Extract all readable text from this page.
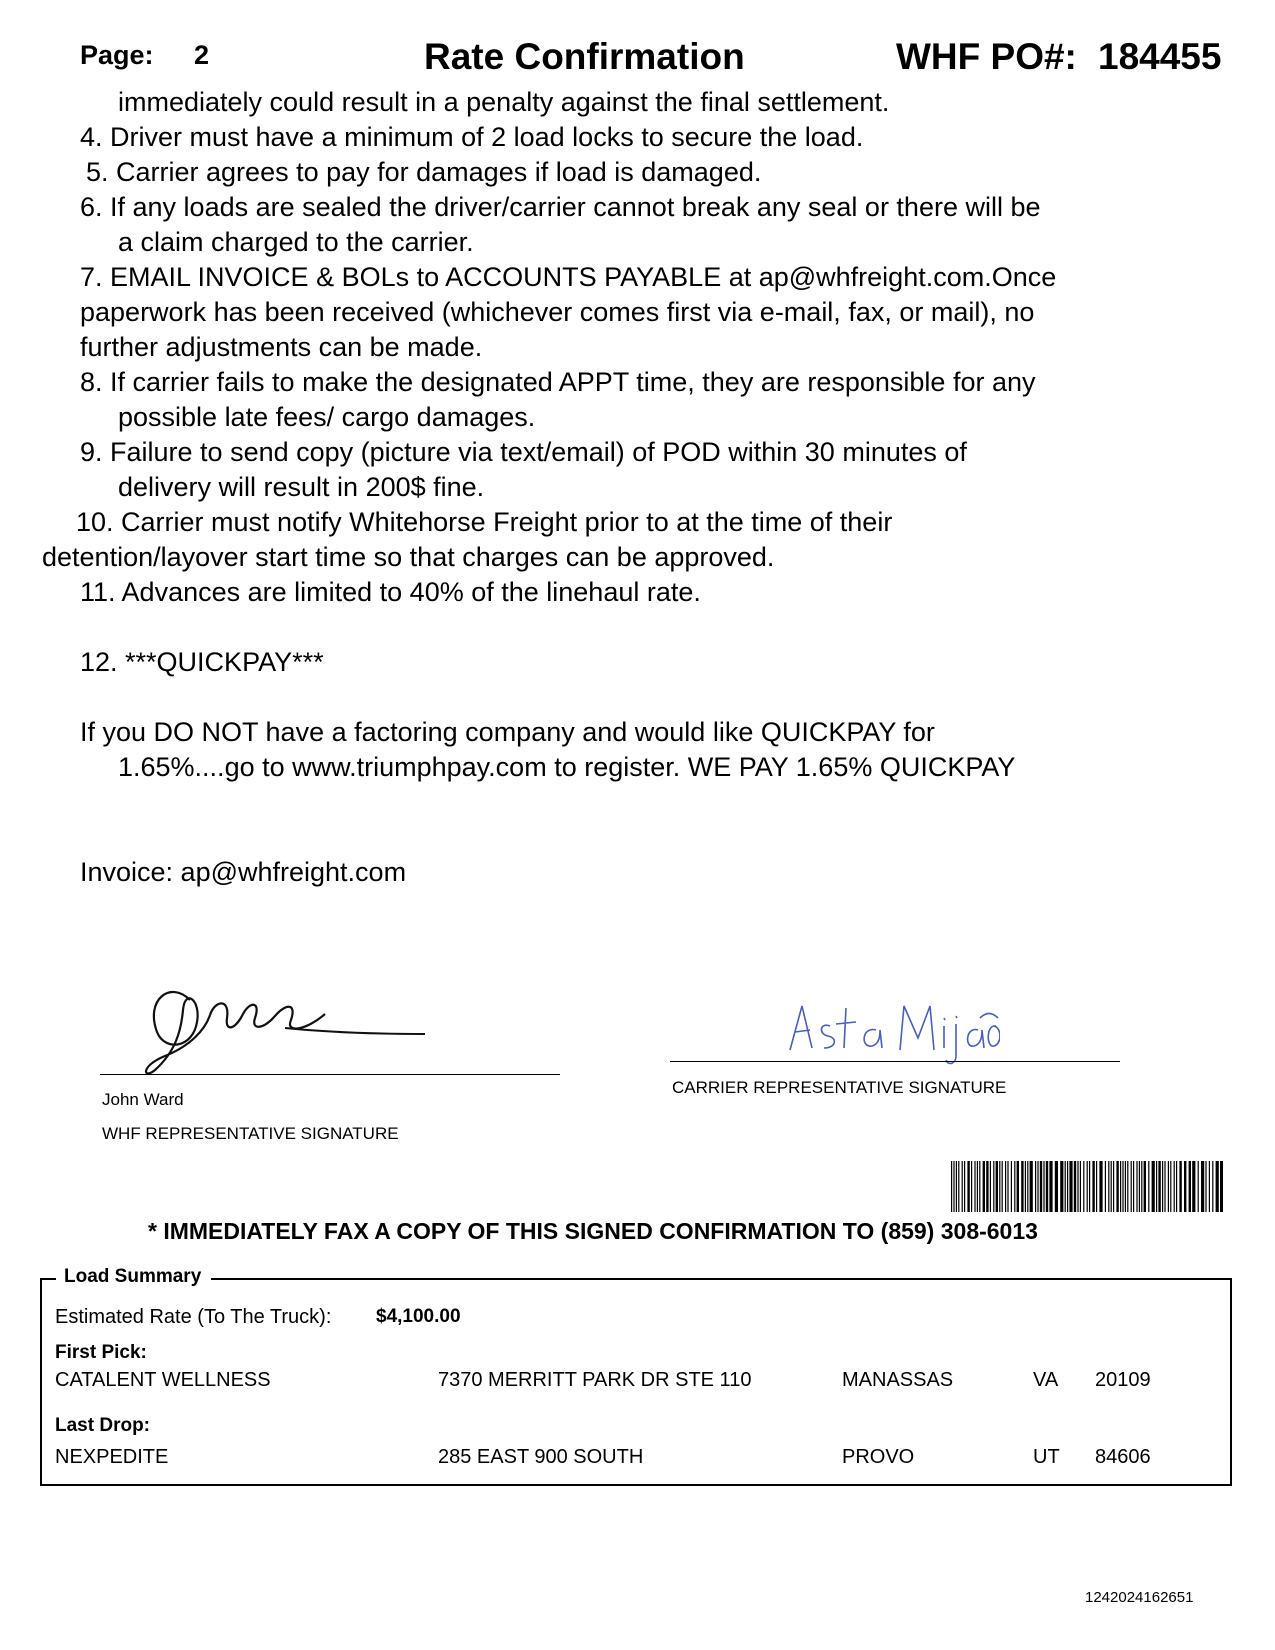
Page: 2	Rate Confirmation	WHF PO#: 184455
immediately could result in a penalty against the final settlement.
4. Driver must have a minimum of 2 load locks to secure the load.
5. Carrier agrees to pay for damages if load is damaged.
6. If any loads are sealed the driver/carrier cannot break any seal or there will be
a claim charged to the carrier.
7. EMAIL INVOICE & BOLs to ACCOUNTS PAYABLE at ap@whfreight.com.Once
paperwork has been received (whichever comes first via e-mail, fax, or mail), no
further adjustments can be made.
8. If carrier fails to make the designated APPT time, they are responsible for any
possible late fees/ cargo damages.
9. Failure to send copy (picture via text/email) of POD within 30 minutes of
delivery will result in 200$ fine.
10. Carrier must notify Whitehorse Freight prior to at the time of their
detention/layover start time so that charges can be approved.
11. Advances are limited to 40% of the linehaul rate.
12. ***QUICKPAY***
If you DO NOT have a factoring company and would like QUICKPAY for
1.65%....go to www.triumphpay.com to register. WE PAY 1.65% QUICKPAY
Invoice: ap@whfreight.com
John Ward
WHF REPRESENTATIVE SIGNATURE
CARRIER REPRESENTATIVE SIGNATURE
* IMMEDIATELY FAX A COPY OF THIS SIGNED CONFIRMATION TO (859) 308-6013
Load Summary
Estimated Rate (To The Truck): $4,100.00
First Pick:
CATALENT WELLNESS	7370 MERRITT PARK DR STE 110	MANASSAS	VA 20109
Last Drop:
NEXPEDITE	285 EAST 900 SOUTH	PROVO	UT 84606
1242024162651
